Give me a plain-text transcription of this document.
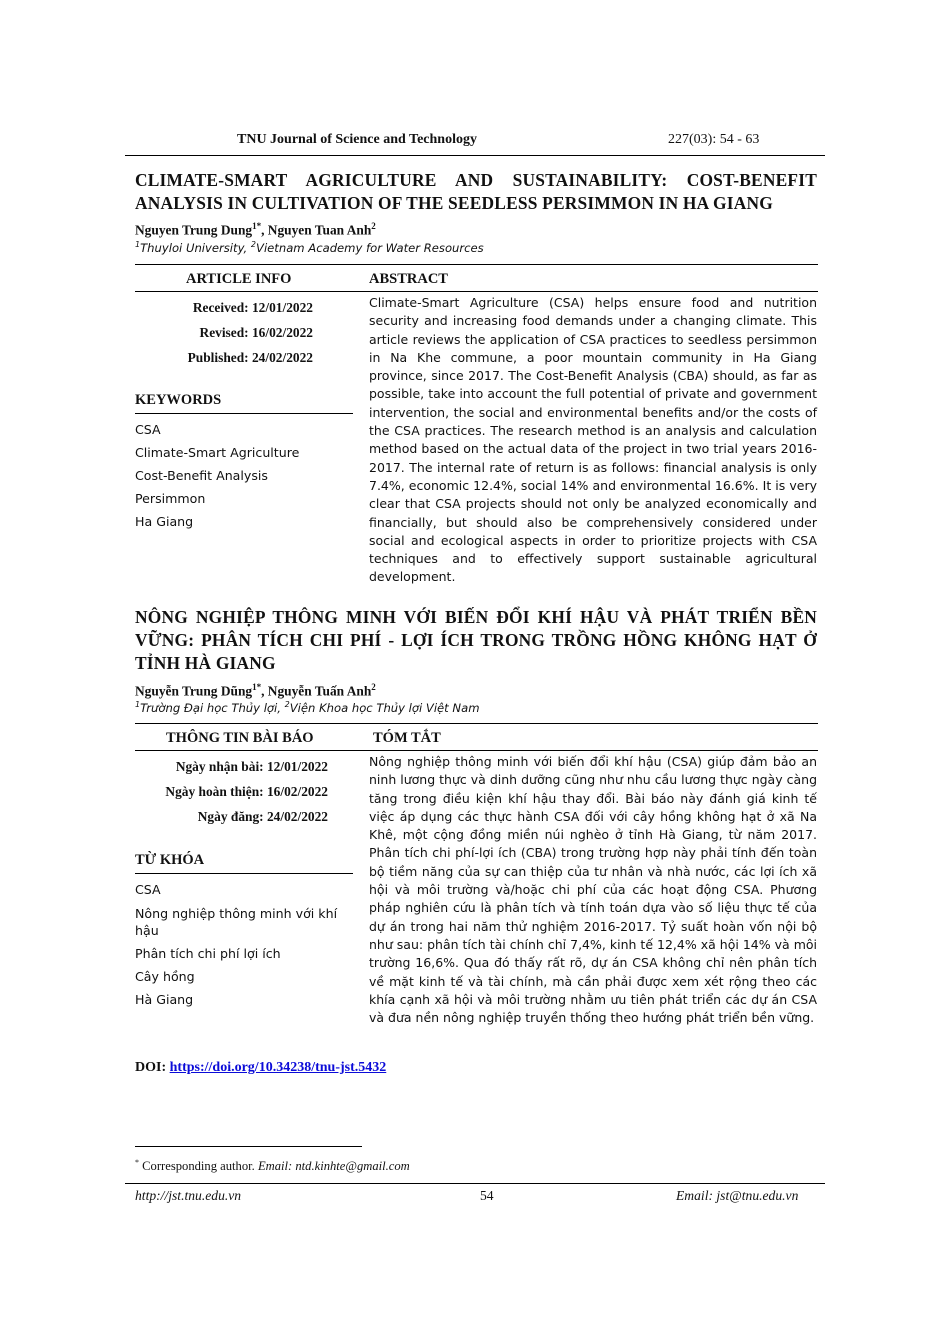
TNU Journal of Science and Technology	227(03): 54 - 63
CLIMATE-SMART AGRICULTURE AND SUSTAINABILITY: COST-BENEFIT ANALYSIS IN CULTIVATION OF THE SEEDLESS PERSIMMON IN HA GIANG
Nguyen Trung Dung$^{1*}$, Nguyen Tuan Anh$^2$
$^1$Thuyloi University, $^2$Vietnam Academy for Water Resources
ARTICLE INFO	ABSTRACT
Received: 12/01/2022
Revised: 16/02/2022
Published: 24/02/2022
KEYWORDS
CSA
Climate-Smart Agriculture
Cost-Benefit Analysis
Persimmon
Ha Giang
Climate-Smart Agriculture (CSA) helps ensure food and nutrition security and increasing food demands under a changing climate. This article reviews the application of CSA practices to seedless persimmon in Na Khe commune, a poor mountain community in Ha Giang province, since 2017. The Cost-Benefit Analysis (CBA) should, as far as possible, take into account the full potential of private and government intervention, the social and environmental benefits and/or the costs of the CSA practices. The research method is an analysis and calculation method based on the actual data of the project in two trial years 2016-2017. The internal rate of return is as follows: financial analysis is only 7.4%, economic 12.4%, social 14% and environmental 16.6%. It is very clear that CSA projects should not only be analyzed economically and financially, but should also be comprehensively considered under social and ecological aspects in order to prioritize projects with CSA techniques and to effectively support sustainable agricultural development.
NÔNG NGHIỆP THÔNG MINH VỚI BIẾN ĐỔI KHÍ HẬU VÀ PHÁT TRIỂN BỀN VỮNG: PHÂN TÍCH CHI PHÍ - LỢI ÍCH TRONG TRỒNG HỒNG KHÔNG HẠT Ở TỈNH HÀ GIANG
Nguyễn Trung Dũng$^{1*}$, Nguyễn Tuấn Anh$^2$
$^1$Trường Đại học Thủy lợi, $^2$Viện Khoa học Thủy lợi Việt Nam
THÔNG TIN BÀI BÁO	TÓM TẮT
Ngày nhận bài: 12/01/2022
Ngày hoàn thiện: 16/02/2022
Ngày đăng: 24/02/2022
TỪ KHÓA
CSA
Nông nghiệp thông minh với khí hậu
Phân tích chi phí lợi ích
Cây hồng
Hà Giang
Nông nghiệp thông minh với biến đổi khí hậu (CSA) giúp đảm bảo an ninh lương thực và dinh dưỡng cũng như nhu cầu lương thực ngày càng tăng trong điều kiện khí hậu thay đổi. Bài báo này đánh giá kinh tế việc áp dụng các thực hành CSA đối với cây hồng không hạt ở xã Na Khê, một cộng đồng miền núi nghèo ở tỉnh Hà Giang, từ năm 2017. Phân tích chi phí-lợi ích (CBA) trong trường hợp này phải tính đến toàn bộ tiềm năng của sự can thiệp của tư nhân và nhà nước, các lợi ích xã hội và môi trường và/hoặc chi phí của các hoạt động CSA. Phương pháp nghiên cứu là phân tích và tính toán dựa vào số liệu thực tế của dự án trong hai năm thử nghiệm 2016-2017. Tỷ suất hoàn vốn nội bộ như sau: phân tích tài chính chỉ 7,4%, kinh tế 12,4% xã hội 14% và môi trường 16,6%. Qua đó thấy rất rõ, dự án CSA không chỉ nên phân tích về mặt kinh tế và tài chính, mà cần phải được xem xét rộng theo các khía cạnh xã hội và môi trường nhằm ưu tiên phát triển các dự án CSA và đưa nền nông nghiệp truyền thống theo hướng phát triển bền vững.
DOI: https://doi.org/10.34238/tnu-jst.5432
* Corresponding author. Email: ntd.kinhte@gmail.com
http://jst.tnu.edu.vn	54	Email: jst@tnu.edu.vn
